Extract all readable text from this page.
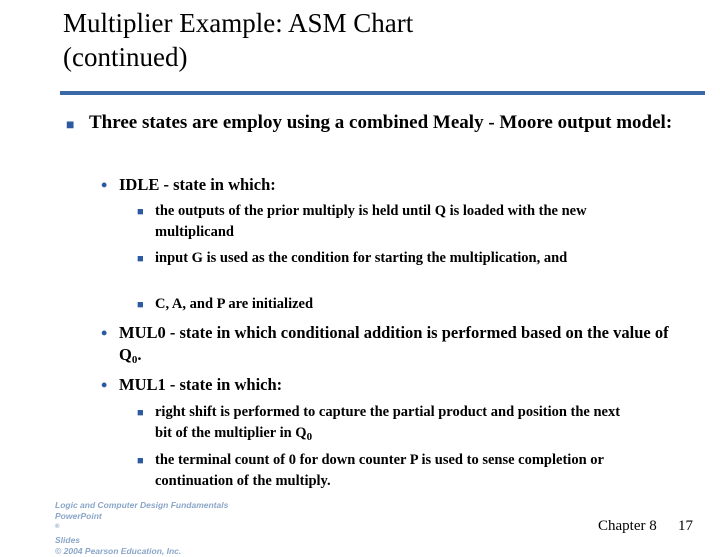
Multiplier Example: ASM Chart
(continued)
■ Three states are employ using a combined Mealy - Moore output model:
• IDLE - state in which:
■ the outputs of the prior multiply is held until Q is loaded with the new multiplicand
■ input G is used as the condition for starting the multiplication, and
■ C, A, and P are initialized
• MUL0 - state in which conditional addition is performed based on the value of $Q_0$.
• MUL1 - state in which:
■ right shift is performed to capture the partial product and position the next bit of the multiplier in $Q_0$
■ the terminal count of 0 for down counter P is used to sense completion or continuation of the multiply.
Logic and Computer Design Fundamentals
PowerPoint
®
Slides
© 2004 Pearson Education, Inc.
Chapter 8 17
